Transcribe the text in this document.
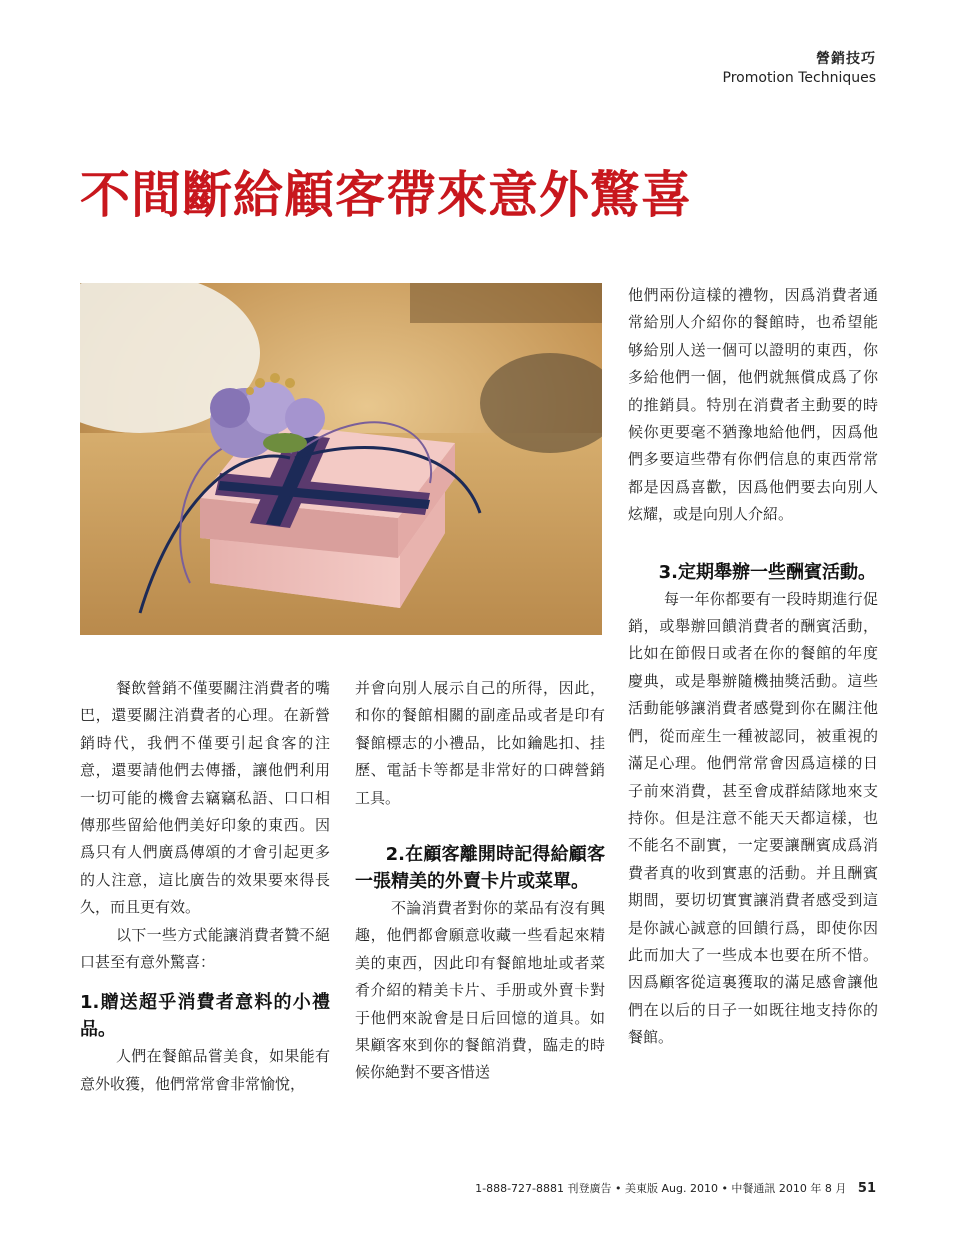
營銷技巧
Promotion Techniques
不間斷給顧客帶來意外驚喜

餐飲營銷不僅要關注消費者的嘴巴，還要關注消費者的心理。在新營銷時代，我們不僅要引起食客的注意，還要請他們去傳播，讓他們利用一切可能的機會去竊竊私語、口口相傳那些留給他們美好印象的東西。因爲只有人們廣爲傳頌的才會引起更多的人注意，這比廣告的效果要來得長久，而且更有效。

以下一些方式能讓消費者贊不絕口甚至有意外驚喜：

1.贈送超乎消費者意料的小禮品。

人們在餐館品嘗美食，如果能有意外收獲，他們常常會非常愉悅，

并會向別人展示自己的所得，因此，和你的餐館相關的副產品或者是印有餐館標志的小禮品，比如鑰匙扣、挂歷、電話卡等都是非常好的口碑營銷工具。

2.在顧客離開時記得給顧客一張精美的外賣卡片或菜單。

不論消費者對你的菜品有沒有興趣，他們都會願意收藏一些看起來精美的東西，因此印有餐館地址或者菜肴介紹的精美卡片、手册或外賣卡對于他們來說會是日后回憶的道具。如果顧客來到你的餐館消費，臨走的時候你絶對不要吝惜送

他們兩份這樣的禮物，因爲消費者通常給別人介紹你的餐館時，也希望能够給別人送一個可以證明的東西，你多給他們一個，他們就無償成爲了你的推銷員。特別在消費者主動要的時候你更要毫不猶豫地給他們，因爲他們多要這些帶有你們信息的東西常常都是因爲喜歡，因爲他們要去向別人炫耀，或是向別人介紹。

3.定期舉辦一些酬賓活動。

每一年你都要有一段時期進行促銷，或舉辦回饋消費者的酬賓活動，比如在節假日或者在你的餐館的年度慶典，或是舉辦隨機抽獎活動。這些活動能够讓消費者感覺到你在關注他們，從而産生一種被認同，被重視的滿足心理。他們常常會因爲這樣的日子前來消費，甚至會成群結隊地來支持你。但是注意不能天天都這樣，也不能名不副實，一定要讓酬賓成爲消費者真的收到實惠的活動。并且酬賓期間，要切切實實讓消費者感受到這是你誠心誠意的回饋行爲，即使你因此而加大了一些成本也要在所不惜。因爲顧客從這裏獲取的滿足感會讓他們在以后的日子一如既往地支持你的餐館。

1-888-727-8881 刊登廣告 • 美東版 Aug. 2010 • 中餐通訊 2010 年 8 月 51
